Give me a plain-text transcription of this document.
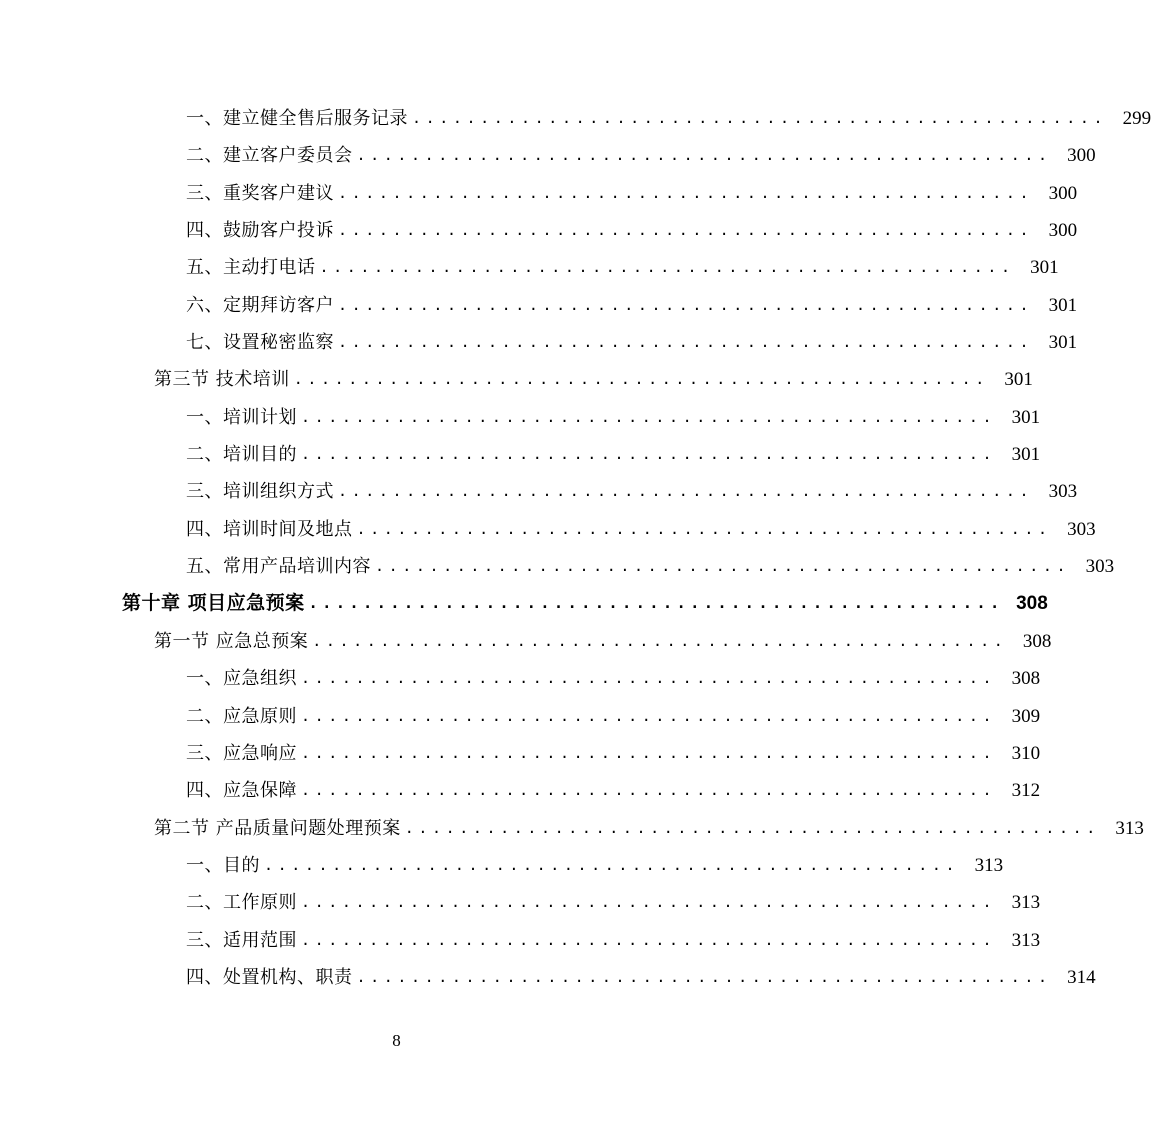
一、建立健全售后服务记录 ................................................... 299
二、建立客户委员会 ................................................... 300
三、重奖客户建议 ................................................... 300
四、鼓励客户投诉 ................................................... 300
五、主动打电话 ................................................... 301
六、定期拜访客户 ................................................... 301
七、设置秘密监察 ................................................... 301
第三节 技术培训 ................................................... 301
一、培训计划 ................................................... 301
二、培训目的 ................................................... 301
三、培训组织方式 ................................................... 303
四、培训时间及地点 ................................................... 303
五、常用产品培训内容 ................................................... 303
第十章 项目应急预案 ................................................... 308
第一节 应急总预案 ................................................... 308
一、应急组织 ................................................... 308
二、应急原则 ................................................... 309
三、应急响应 ................................................... 310
四、应急保障 ................................................... 312
第二节 产品质量问题处理预案 ................................................... 313
一、目的 ................................................... 313
二、工作原则 ................................................... 313
三、适用范围 ................................................... 313
四、处置机构、职责 ................................................... 314
8
